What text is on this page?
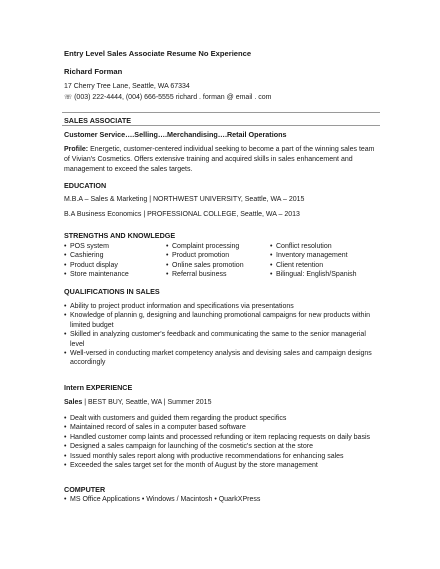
Entry Level Sales Associate Resume No Experience
Richard Forman
17 Cherry Tree Lane, Seattle, WA 67334
☏ (003) 222-4444, (004) 666-5555 richard . forman @ email . com
SALES ASSOCIATE
Customer Service….Selling….Merchandising….Retail Operations
Profile: Energetic, customer-centered individual seeking to become a part of the winning sales team of Vivian's Cosmetics. Offers extensive training and acquired skills in sales enhancement and management to exceed the sales targets.
EDUCATION
M.B.A – Sales & Marketing | NORTHWEST UNIVERSITY, Seattle, WA – 2015
B.A Business Economics | PROFESSIONAL COLLEGE, Seattle, WA – 2013
STRENGTHS AND KNOWLEDGE
• POS system
• Cashiering
• Product display
• Store maintenance
• Complaint processing
• Product promotion
• Online sales promotion
• Referral business
• Conflict resolution
• Inventory management
• Client retention
• Bilingual: English/Spanish
QUALIFICATIONS IN SALES
• Ability to project product information and specifications via presentations
• Knowledge of plannin g, designing and launching promotional campaigns for new products within limited budget
• Skilled in analyzing customer's feedback and communicating the same to the senior managerial level
• Well-versed in conducting market competency analysis and devising sales and campaign designs accordingly
Intern EXPERIENCE
Sales | BEST BUY, Seattle, WA | Summer 2015
• Dealt with customers and guided them regarding the product specifics
• Maintained record of sales in a computer based software
• Handled customer comp laints and processed refunding or item replacing requests on daily basis
• Designed a sales campaign for launching of the cosmetic's section at the store
• Issued monthly sales report along with productive recommendations for enhancing sales
• Exceeded the sales target set for the month of August by the store management
COMPUTER
• MS Office Applications • Windows / Macintosh • QuarkXPress
